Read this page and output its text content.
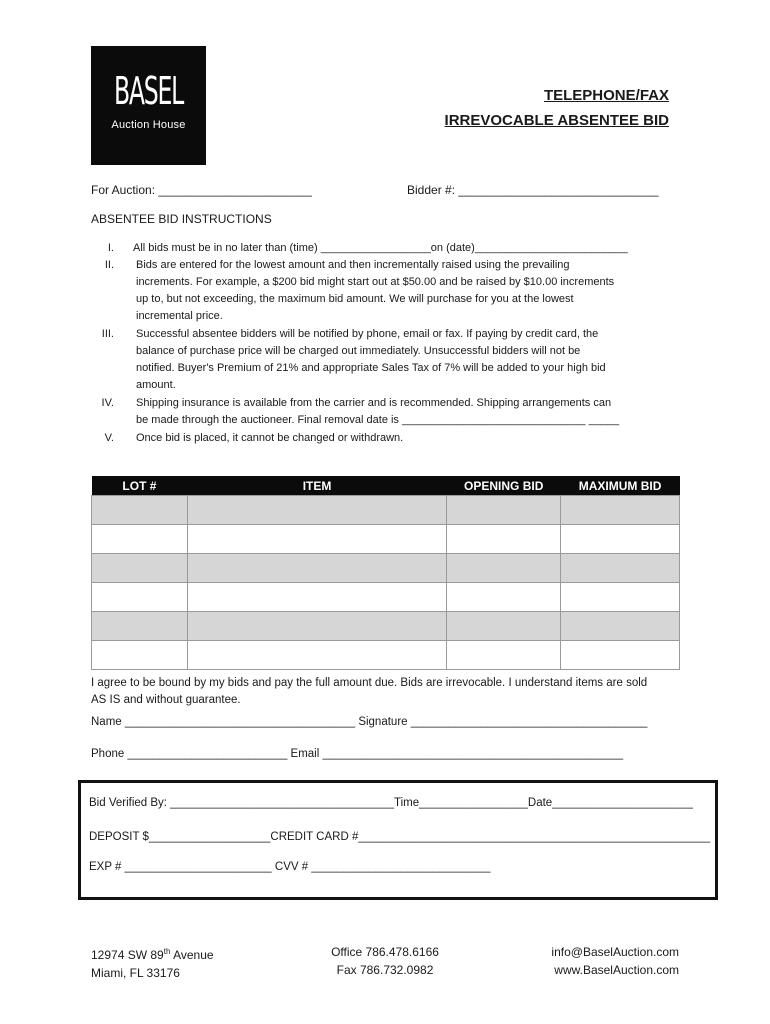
BASEL
Auction House
TELEPHONE/FAX
IRREVOCABLE ABSENTEE BID
For Auction: _______________________	Bidder #: ______________________________
ABSENTEE BID INSTRUCTIONS
I. All bids must be in no later than (time) __________________on (date)_________________________
II. Bids are entered for the lowest amount and then incrementally raised using the prevailing
increments. For example, a $200 bid might start out at $50.00 and be raised by $10.00 increments
up to, but not exceeding, the maximum bid amount. We will purchase for you at the lowest
incremental price.
III. Successful absentee bidders will be notified by phone, email or fax. If paying by credit card, the
balance of purchase price will be charged out immediately. Unsuccessful bidders will not be
notified. Buyer's Premium of 21% and appropriate Sales Tax of 7% will be added to your high bid
amount.
IV. Shipping insurance is available from the carrier and is recommended. Shipping arrangements can
be made through the auctioneer. Final removal date is ______________________________ _____
V. Once bid is placed, it cannot be changed or withdrawn.
LOT #	ITEM	OPENING BID	MAXIMUM BID

I agree to be bound by my bids and pay the full amount due. Bids are irrevocable. I understand items are sold
AS IS and without guarantee.
Name ____________________________________ Signature _____________________________________
Phone _________________________ Email _______________________________________________
Bid Verified By: ___________________________________Time_________________Date______________________
DEPOSIT $___________________CREDIT CARD #_______________________________________________________
EXP # _______________________ CVV # ____________________________
12974 SW 89th Avenue
Miami, FL 33176
Office 786.478.6166
Fax 786.732.0982
info@BaselAuction.com
www.BaselAuction.com
